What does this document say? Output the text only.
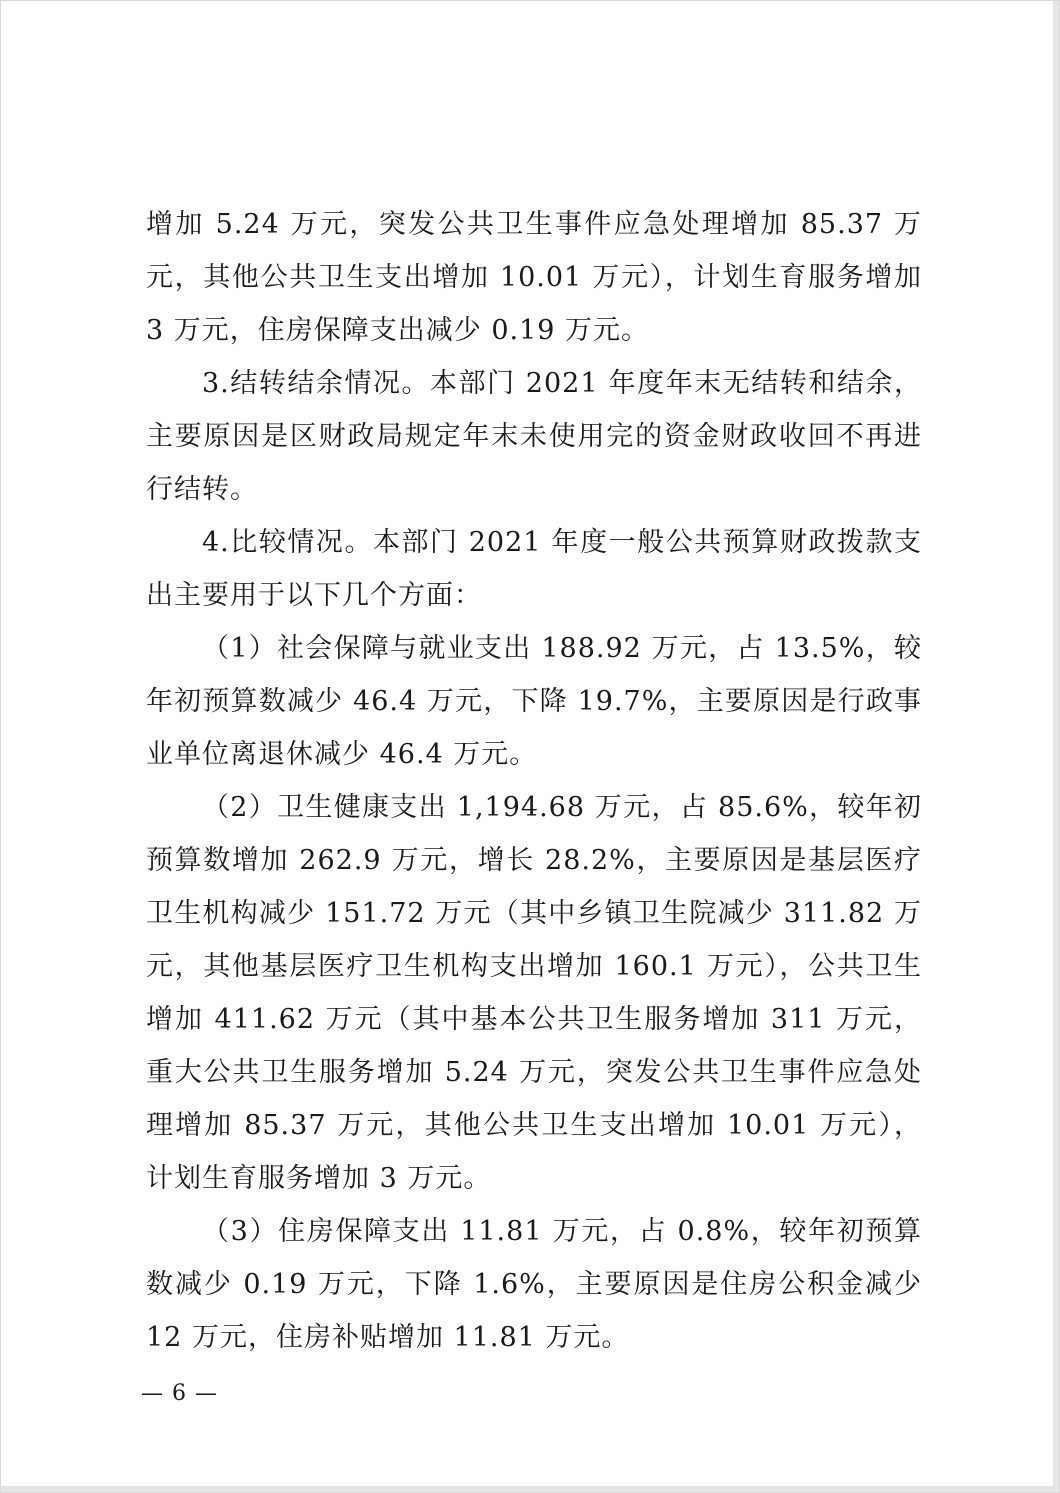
增加 5.24 万元，突发公共卫生事件应急处理增加 85.37 万元，其他公共卫生支出增加 10.01 万元），计划生育服务增加 3 万元，住房保障支出减少 0.19 万元。

3.结转结余情况。本部门 2021 年度年末无结转和结余，主要原因是区财政局规定年末未使用完的资金财政收回不再进行结转。

4.比较情况。本部门 2021 年度一般公共预算财政拨款支出主要用于以下几个方面：

（1）社会保障与就业支出 188.92 万元，占 13.5%，较年初预算数减少 46.4 万元，下降 19.7%，主要原因是行政事业单位离退休减少 46.4 万元。

（2）卫生健康支出 1,194.68 万元，占 85.6%，较年初预算数增加 262.9 万元，增长 28.2%，主要原因是基层医疗卫生机构减少 151.72 万元（其中乡镇卫生院减少 311.82 万元，其他基层医疗卫生机构支出增加 160.1 万元），公共卫生增加 411.62 万元（其中基本公共卫生服务增加 311 万元，重大公共卫生服务增加 5.24 万元，突发公共卫生事件应急处理增加 85.37 万元，其他公共卫生支出增加 10.01 万元），计划生育服务增加 3 万元。

（3）住房保障支出 11.81 万元，占 0.8%，较年初预算数减少 0.19 万元，下降 1.6%，主要原因是住房公积金减少 12 万元，住房补贴增加 11.81 万元。

— 6 —
